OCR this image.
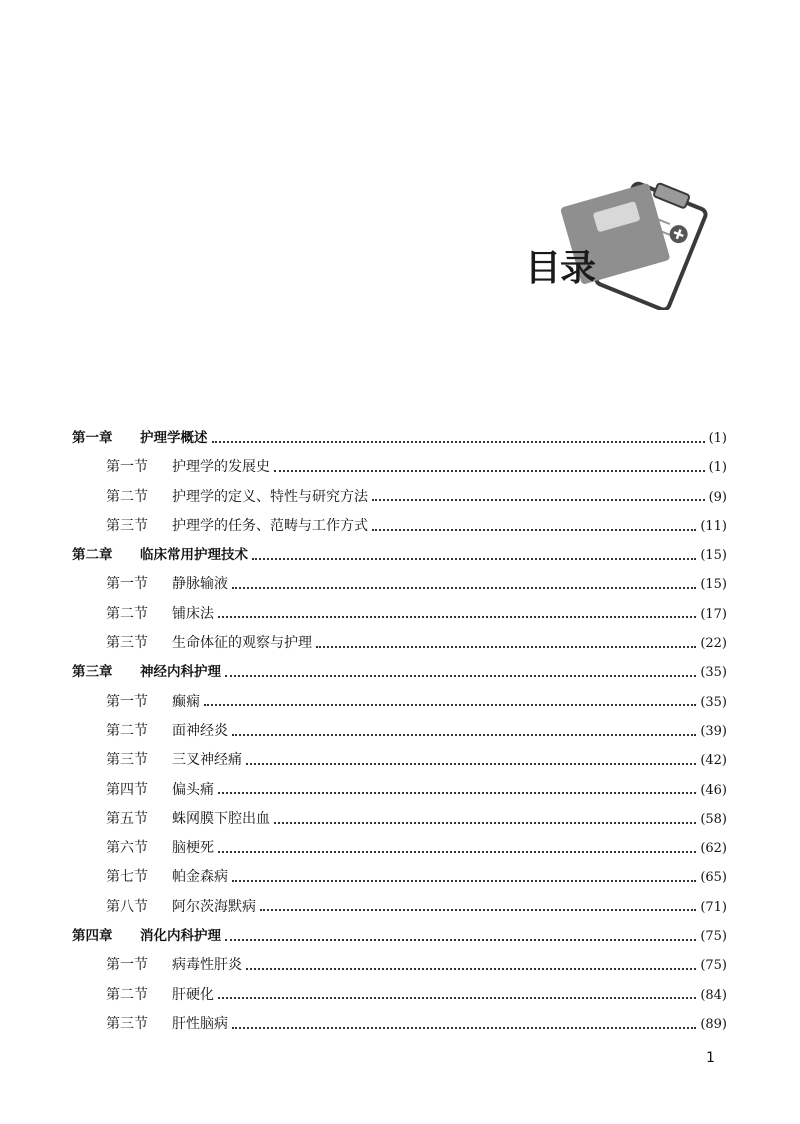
目录
第一章	护理学概述	(1)
第一节	护理学的发展史	(1)
第二节	护理学的定义、特性与研究方法	(9)
第三节	护理学的任务、范畴与工作方式	(11)
第二章	临床常用护理技术	(15)
第一节	静脉输液	(15)
第二节	铺床法	(17)
第三节	生命体征的观察与护理	(22)
第三章	神经内科护理	(35)
第一节	癫痫	(35)
第二节	面神经炎	(39)
第三节	三叉神经痛	(42)
第四节	偏头痛	(46)
第五节	蛛网膜下腔出血	(58)
第六节	脑梗死	(62)
第七节	帕金森病	(65)
第八节	阿尔茨海默病	(71)
第四章	消化内科护理	(75)
第一节	病毒性肝炎	(75)
第二节	肝硬化	(84)
第三节	肝性脑病	(89)
1
